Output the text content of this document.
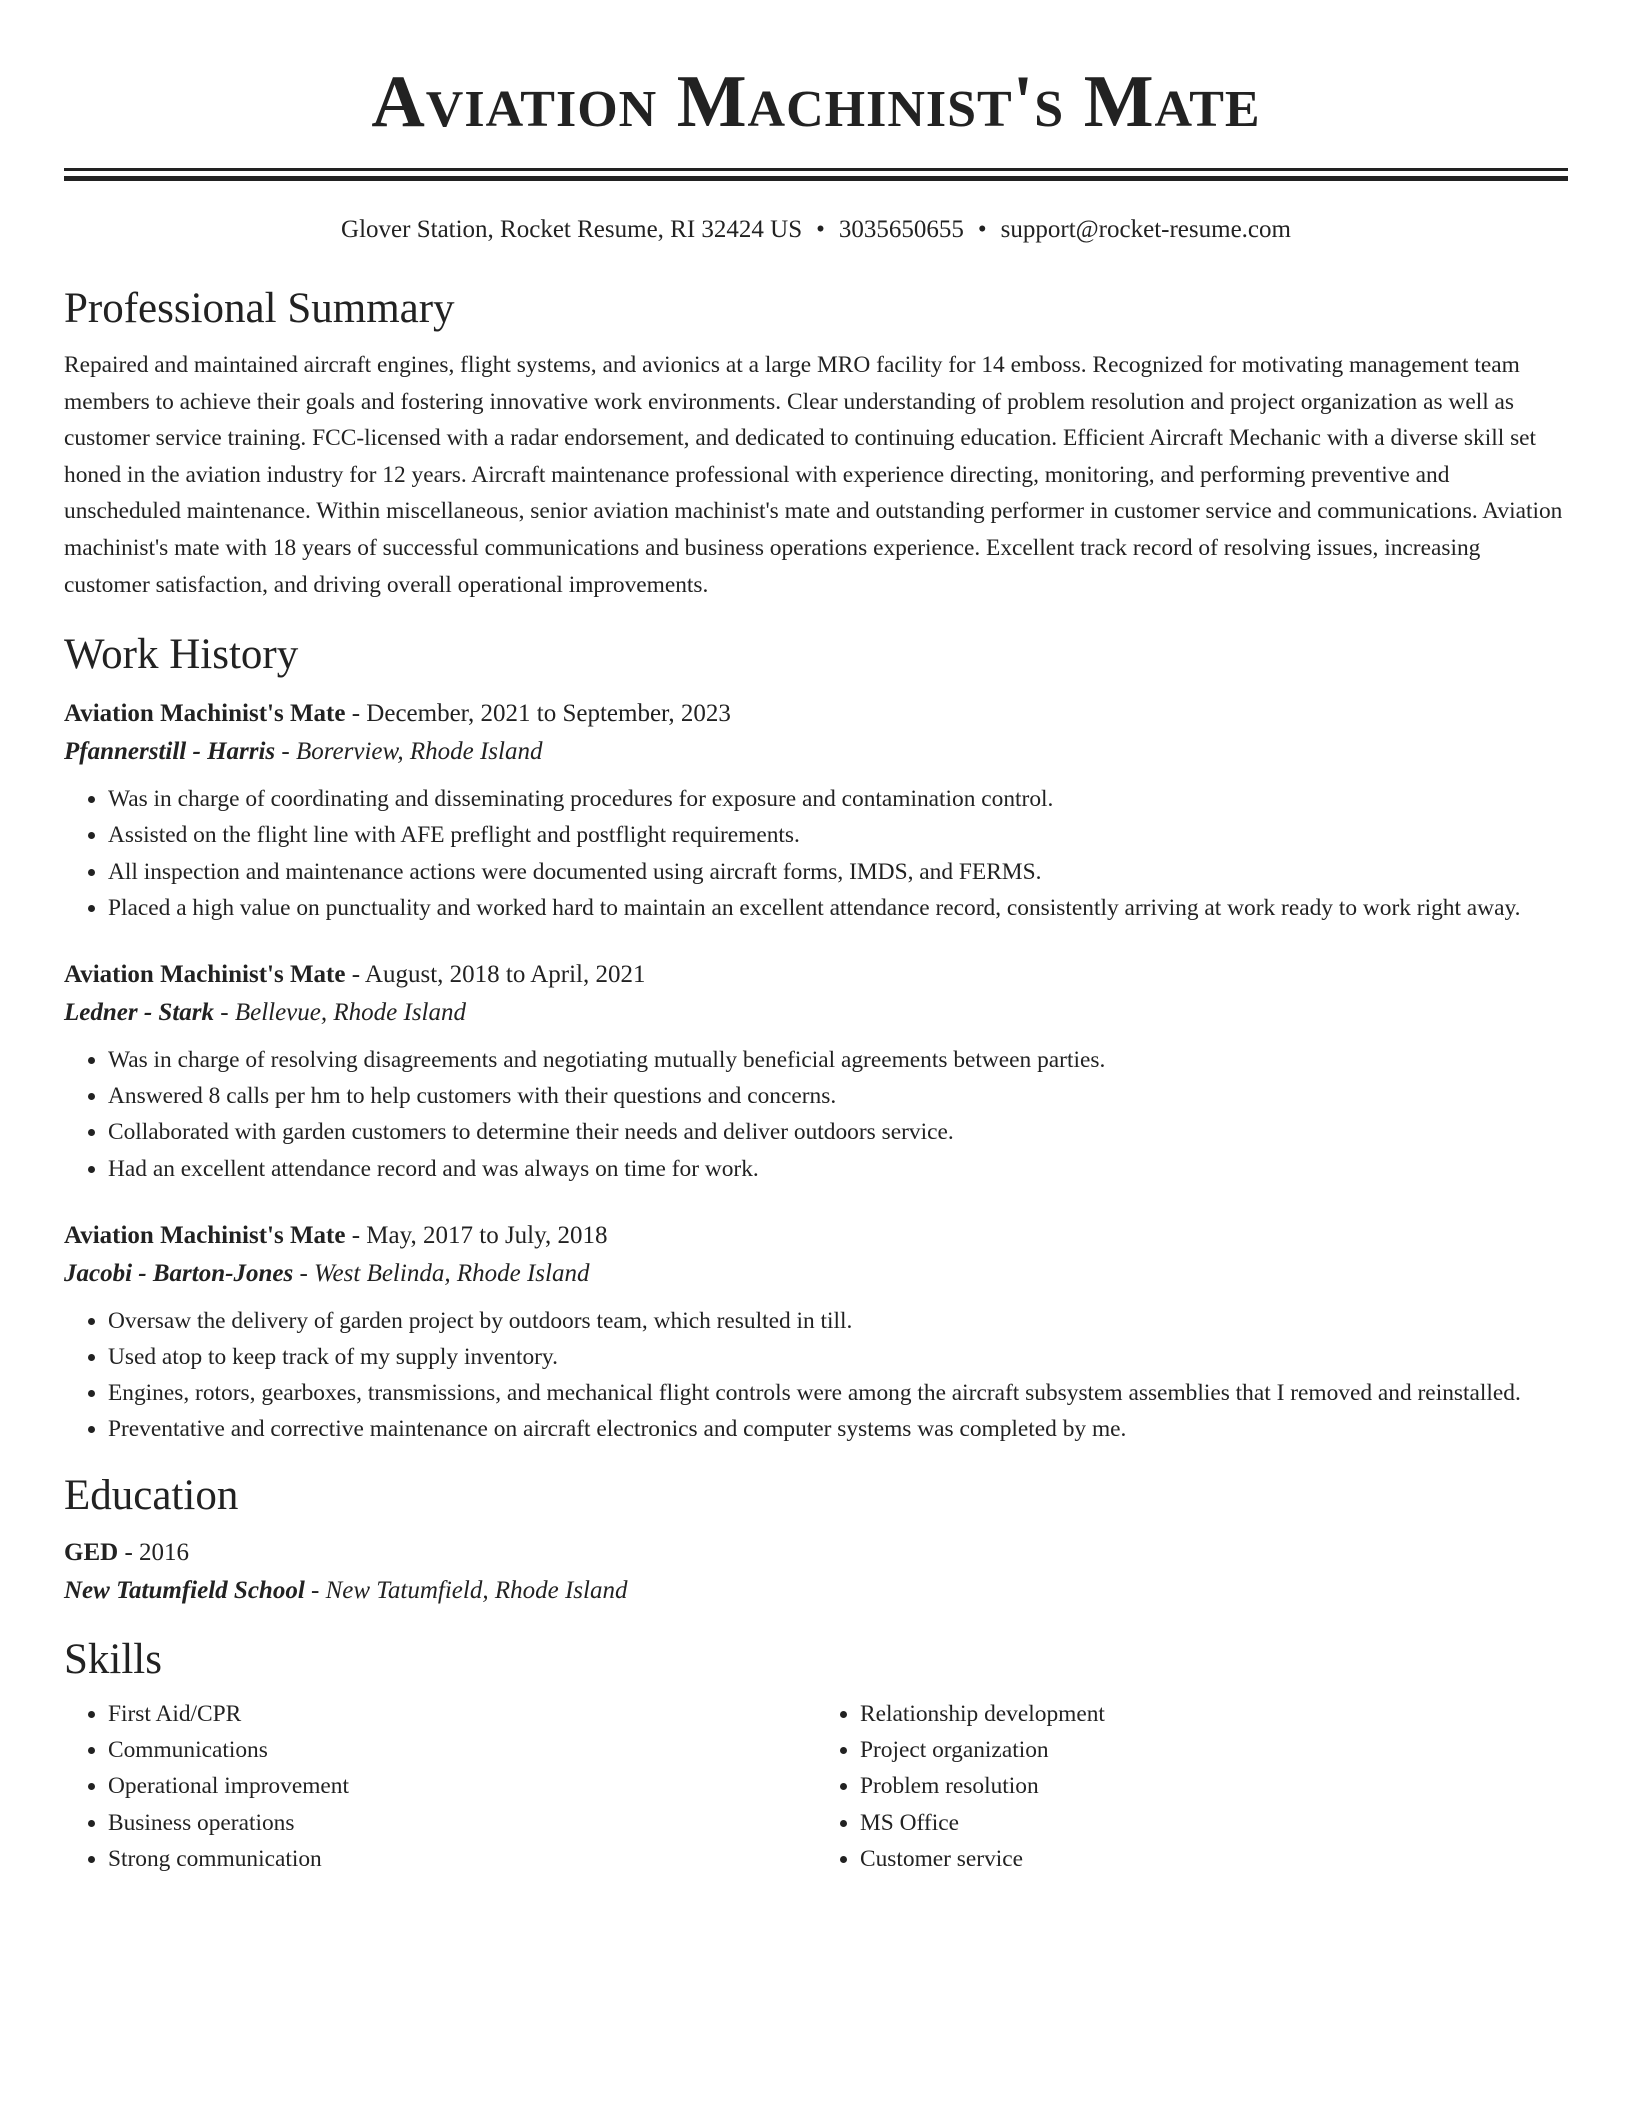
Aviation Machinist's Mate
Glover Station, Rocket Resume, RI 32424 US • 3035650655 • support@rocket-resume.com
Professional Summary

Repaired and maintained aircraft engines, flight systems, and avionics at a large MRO facility for 14 emboss. Recognized for motivating management team members to achieve their goals and fostering innovative work environments. Clear understanding of problem resolution and project organization as well as customer service training. FCC-licensed with a radar endorsement, and dedicated to continuing education. Efficient Aircraft Mechanic with a diverse skill set honed in the aviation industry for 12 years. Aircraft maintenance professional with experience directing, monitoring, and performing preventive and unscheduled maintenance. Within miscellaneous, senior aviation machinist's mate and outstanding performer in customer service and communications. Aviation machinist's mate with 18 years of successful communications and business operations experience. Excellent track record of resolving issues, increasing customer satisfaction, and driving overall operational improvements.

Work History
Aviation Machinist's Mate - December, 2021 to September, 2023
Pfannerstill - Harris - Borerview, Rhode Island
• Was in charge of coordinating and disseminating procedures for exposure and contamination control.
• Assisted on the flight line with AFE preflight and postflight requirements.
• All inspection and maintenance actions were documented using aircraft forms, IMDS, and FERMS.
• Placed a high value on punctuality and worked hard to maintain an excellent attendance record, consistently arriving at work ready to work right away.
Aviation Machinist's Mate - August, 2018 to April, 2021
Ledner - Stark - Bellevue, Rhode Island
• Was in charge of resolving disagreements and negotiating mutually beneficial agreements between parties.
• Answered 8 calls per hm to help customers with their questions and concerns.
• Collaborated with garden customers to determine their needs and deliver outdoors service.
• Had an excellent attendance record and was always on time for work.
Aviation Machinist's Mate - May, 2017 to July, 2018
Jacobi - Barton-Jones - West Belinda, Rhode Island
• Oversaw the delivery of garden project by outdoors team, which resulted in till.
• Used atop to keep track of my supply inventory.
• Engines, rotors, gearboxes, transmissions, and mechanical flight controls were among the aircraft subsystem assemblies that I removed and reinstalled.
• Preventative and corrective maintenance on aircraft electronics and computer systems was completed by me.
Education
GED - 2016
New Tatumfield School - New Tatumfield, Rhode Island
Skills
• First Aid/CPR
• Communications
• Operational improvement
• Business operations
• Strong communication
• Relationship development
• Project organization
• Problem resolution
• MS Office
• Customer service
